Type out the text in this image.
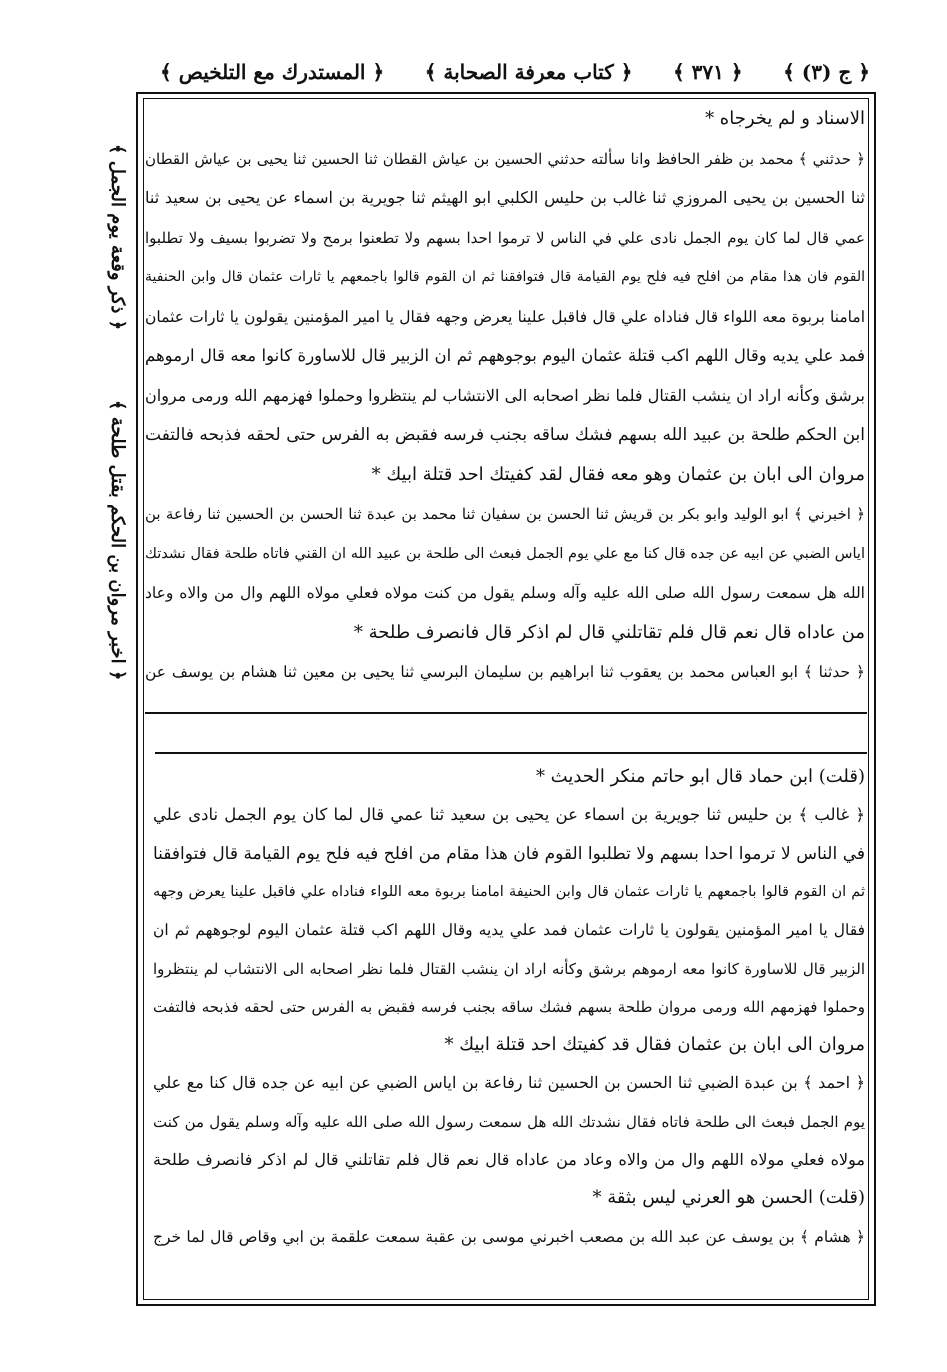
﴿ المستدرك مع التلخيص ﴾ ﴿ كتاب معرفة الصحابة ﴾ ﴿ ٣٧١ ﴾ ﴿ ج (٣) ﴾
﴿ ذكر وقعة يوم الجمل ﴾
﴿ اخبر مروان بن الحكم بقتل طلحة ﴾
الاسناد و لم يخرجاه *
﴿ حدثني ﴾ محمد بن ظفر الحافظ وانا سألته حدثني الحسين بن عياش القطان ثنا الحسين ثنا يحيى بن عياش القطان
ثنا الحسين بن يحيى المروزي ثنا غالب بن حليس الكلبي ابو الهيثم ثنا جويرية بن اسماء عن يحيى بن سعيد ثنا
عمي قال لما كان يوم الجمل نادى علي في الناس لا ترموا احدا بسهم ولا تطعنوا برمح ولا تضربوا بسيف ولا تطلبوا
القوم فان هذا مقام من افلح فيه فلح يوم القيامة قال فتوافقنا ثم ان القوم قالوا باجمعهم يا ثارات عثمان قال وابن الحنفية
امامنا بربوة معه اللواء قال فناداه علي قال فاقبل علينا يعرض وجهه فقال يا امير المؤمنين يقولون يا ثارات عثمان
فمد علي يديه وقال اللهم اكب قتلة عثمان اليوم بوجوههم ثم ان الزبير قال للاساورة كانوا معه قال ارموهم
برشق وكأنه اراد ان ينشب القتال فلما نظر اصحابه الى الانتشاب لم ينتظروا وحملوا فهزمهم الله ورمى مروان
ابن الحكم طلحة بن عبيد الله بسهم فشك ساقه بجنب فرسه فقبض به الفرس حتى لحقه فذبحه فالتفت
مروان الى ابان بن عثمان وهو معه فقال لقد كفيتك احد قتلة ابيك *
﴿ اخبرني ﴾ ابو الوليد وابو بكر بن قريش ثنا الحسن بن سفيان ثنا محمد بن عبدة ثنا الحسن بن الحسين ثنا رفاعة بن
اياس الضبي عن ابيه عن جده قال كنا مع علي يوم الجمل فبعث الى طلحة بن عبيد الله ان القني فاتاه طلحة فقال نشدتك
الله هل سمعت رسول الله صلى الله عليه وآله وسلم يقول من كنت مولاه فعلي مولاه اللهم وال من والاه وعاد
من عاداه قال نعم قال فلم تقاتلني قال لم اذكر قال فانصرف طلحة *
﴿ حدثنا ﴾ ابو العباس محمد بن يعقوب ثنا ابراهيم بن سليمان البرسي ثنا يحيى بن معين ثنا هشام بن يوسف عن
(قلت) ابن حماد قال ابو حاتم منكر الحديث *
﴿ غالب ﴾ بن حليس ثنا جويرية بن اسماء عن يحيى بن سعيد ثنا عمي قال لما كان يوم الجمل نادى علي
في الناس لا ترموا احدا بسهم ولا تطلبوا القوم فان هذا مقام من افلح فيه فلح يوم القيامة قال فتوافقنا
ثم ان القوم قالوا باجمعهم يا ثارات عثمان قال وابن الحنيفة امامنا بربوة معه اللواء فناداه علي فاقبل علينا يعرض وجهه
فقال يا امير المؤمنين يقولون يا ثارات عثمان فمد علي يديه وقال اللهم اكب قتلة عثمان اليوم لوجوههم ثم ان
الزبير قال للاساورة كانوا معه ارموهم برشق وكأنه اراد ان ينشب القتال فلما نظر اصحابه الى الانتشاب لم ينتظروا
وحملوا فهزمهم الله ورمى مروان طلحة بسهم فشك ساقه بجنب فرسه فقبض به الفرس حتى لحقه فذبحه فالتفت
مروان الى ابان بن عثمان فقال قد كفيتك احد قتلة ابيك *
﴿ احمد ﴾ بن عبدة الضبي ثنا الحسن بن الحسين ثنا رفاعة بن اياس الضبي عن ابيه عن جده قال كنا مع علي
يوم الجمل فبعث الى طلحة فاتاه فقال نشدتك الله هل سمعت رسول الله صلى الله عليه وآله وسلم يقول من كنت
مولاه فعلي مولاه اللهم وال من والاه وعاد من عاداه قال نعم قال فلم تقاتلني قال لم اذكر فانصرف طلحة
(قلت) الحسن هو العرني ليس بثقة *
﴿ هشام ﴾ بن يوسف عن عبد الله بن مصعب اخبرني موسى بن عقبة سمعت علقمة بن ابي وقاص قال لما خرج
